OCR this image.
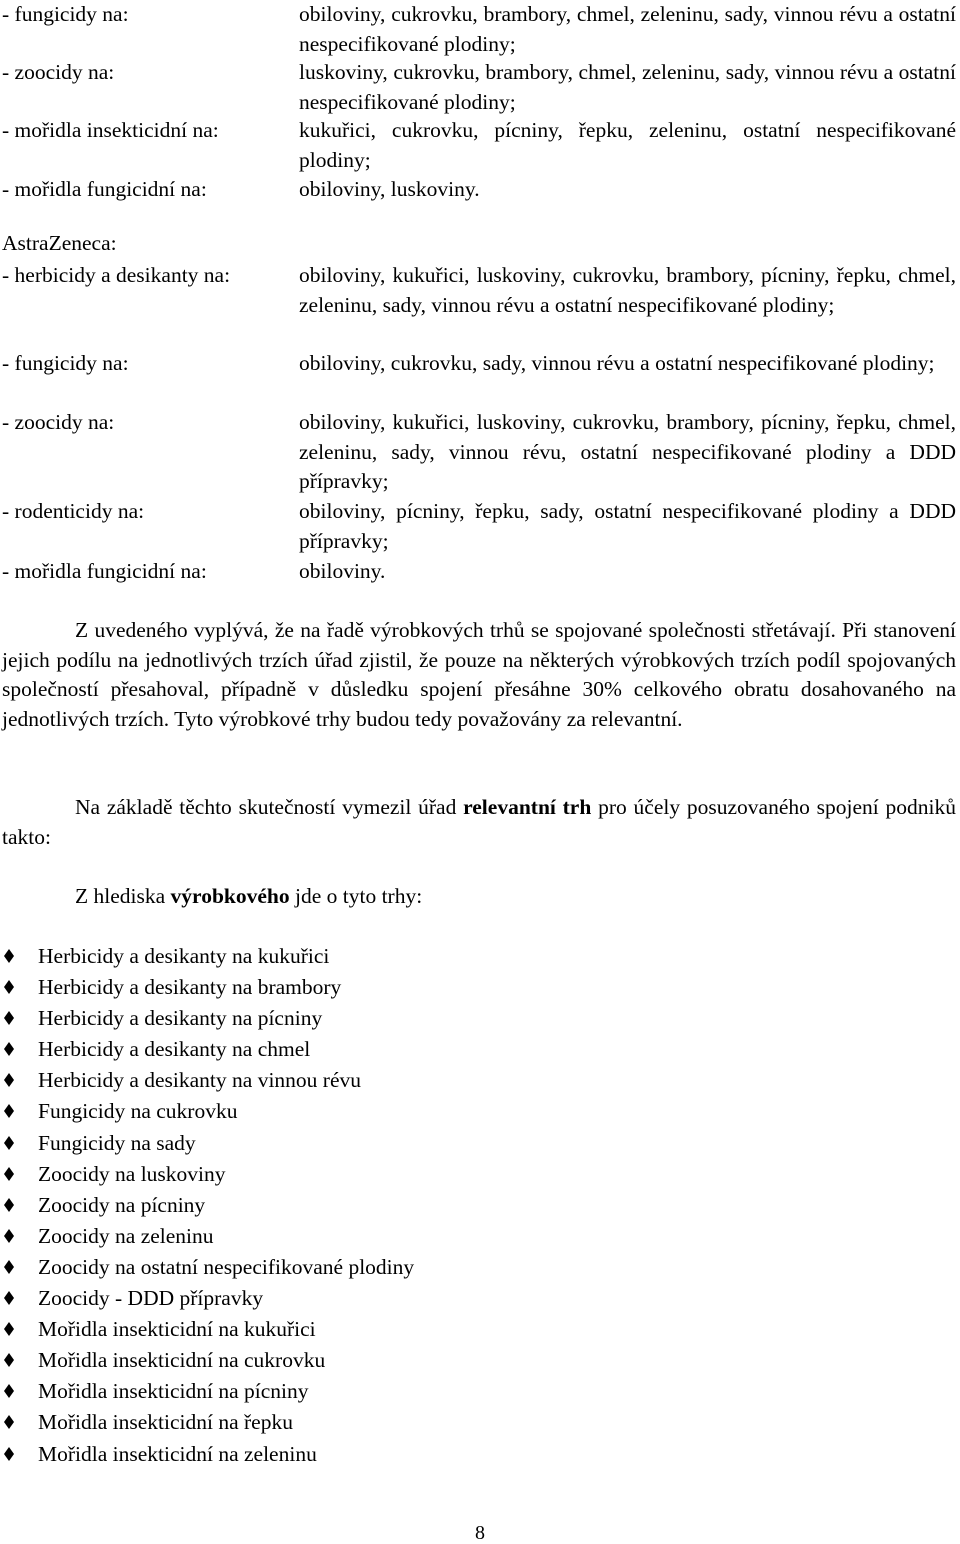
- fungicidy na:	obiloviny, cukrovku, brambory, chmel, zeleninu, sady, vinnou révu a ostatní nespecifikované plodiny;
- zoocidy na:	luskoviny, cukrovku, brambory, chmel, zeleninu, sady, vinnou révu a ostatní nespecifikované plodiny;
- mořidla insekticidní na:	kukuřici, cukrovku, pícniny, řepku, zeleninu, ostatní nespecifikované plodiny;
- mořidla fungicidní na:	obiloviny, luskoviny.
AstraZeneca:
- herbicidy a desikanty na:	obiloviny, kukuřici, luskoviny, cukrovku, brambory, pícniny, řepku, chmel, zeleninu, sady, vinnou révu a ostatní nespecifikované plodiny;
- fungicidy na:	obiloviny, cukrovku, sady, vinnou révu a ostatní nespecifikované plodiny;
- zoocidy na:	obiloviny, kukuřici, luskoviny, cukrovku, brambory, pícniny, řepku, chmel, zeleninu, sady, vinnou révu, ostatní nespecifikované plodiny a DDD přípravky;
- rodenticidy na:	obiloviny, pícniny, řepku, sady, ostatní nespecifikované plodiny a DDD přípravky;
- mořidla fungicidní na:	obiloviny.

Z uvedeného vyplývá, že na řadě výrobkových trhů se spojované společnosti střetávají. Při stanovení jejich podílu na jednotlivých trzích úřad zjistil, že pouze na některých výrobkových trzích podíl spojovaných společností přesahoval, případně v důsledku spojení přesáhne 30% celkového obratu dosahovaného na jednotlivých trzích. Tyto výrobkové trhy budou tedy považovány za relevantní.

Na základě těchto skutečností vymezil úřad relevantní trh pro účely posuzovaného spojení podniků takto:

Z hlediska výrobkového jde o tyto trhy:
Herbicidy a desikanty na kukuřici
Herbicidy a desikanty na brambory
Herbicidy a desikanty na pícniny
Herbicidy a desikanty na chmel
Herbicidy a desikanty na vinnou révu
Fungicidy na cukrovku
Fungicidy na sady
Zoocidy na luskoviny
Zoocidy na pícniny
Zoocidy na zeleninu
Zoocidy na ostatní nespecifikované plodiny
Zoocidy - DDD přípravky
Mořidla insekticidní na kukuřici
Mořidla insekticidní na cukrovku
Mořidla insekticidní na pícniny
Mořidla insekticidní na řepku
Mořidla insekticidní na zeleninu
8
